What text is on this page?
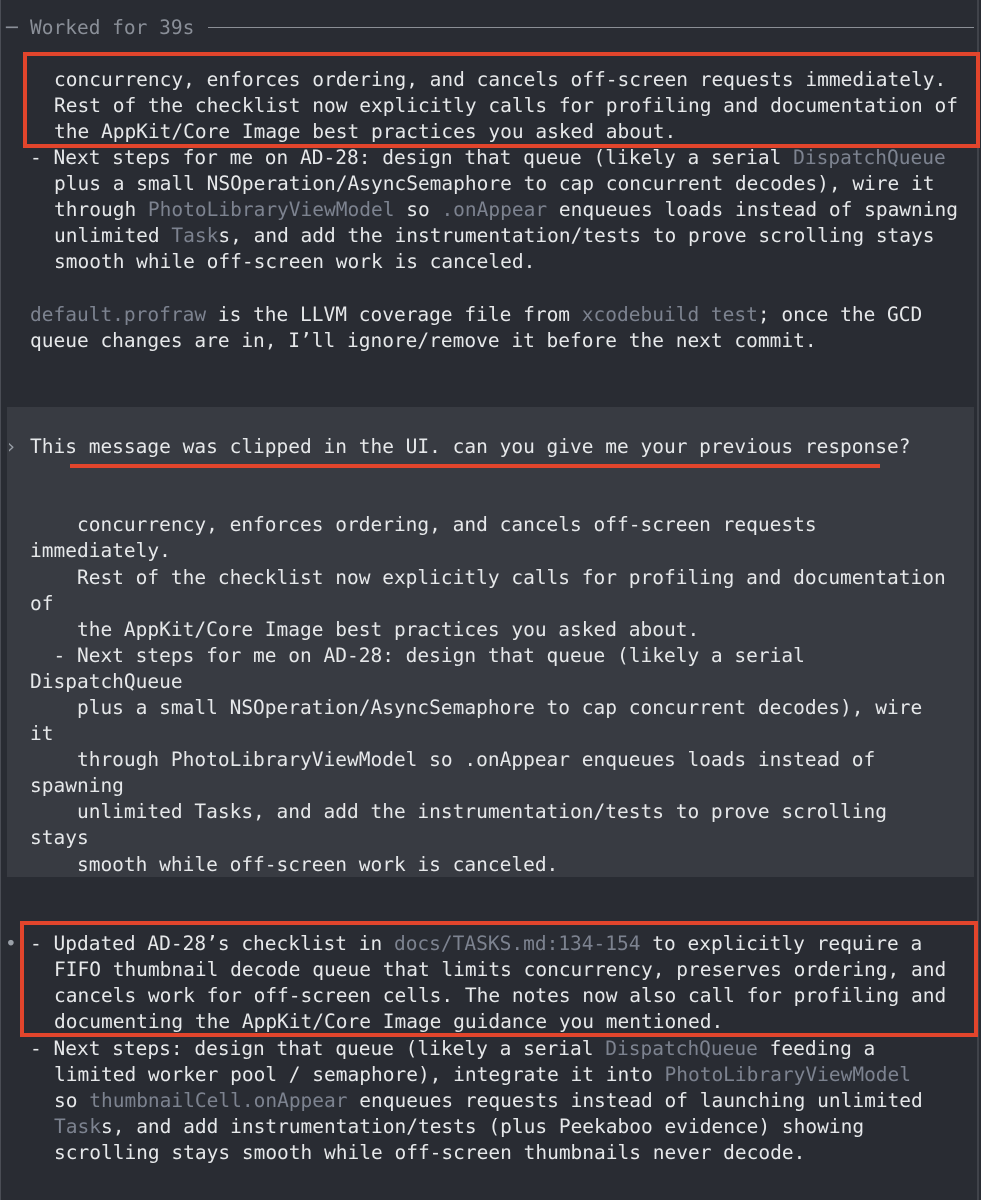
─ Worked for 39s
concurrency, enforces ordering, and cancels off-screen requests immediately.
Rest of the checklist now explicitly calls for profiling and documentation of
the AppKit/Core Image best practices you asked about.
- Next steps for me on AD-28: design that queue (likely a serial DispatchQueue
plus a small NSOperation/AsyncSemaphore to cap concurrent decodes), wire it
through PhotoLibraryViewModel so .onAppear enqueues loads instead of spawning
unlimited Tasks, and add the instrumentation/tests to prove scrolling stays
smooth while off-screen work is canceled.
default.profraw is the LLVM coverage file from xcodebuild test; once the GCD
queue changes are in, I’ll ignore/remove it before the next commit.
› This message was clipped in the UI. can you give me your previous response?
concurrency, enforces ordering, and cancels off-screen requests
immediately.
Rest of the checklist now explicitly calls for profiling and documentation
of
the AppKit/Core Image best practices you asked about.
- Next steps for me on AD-28: design that queue (likely a serial
DispatchQueue
plus a small NSOperation/AsyncSemaphore to cap concurrent decodes), wire
it
through PhotoLibraryViewModel so .onAppear enqueues loads instead of
spawning
unlimited Tasks, and add the instrumentation/tests to prove scrolling
stays
smooth while off-screen work is canceled.
• - Updated AD-28’s checklist in docs/TASKS.md:134-154 to explicitly require a
FIFO thumbnail decode queue that limits concurrency, preserves ordering, and
cancels work for off-screen cells. The notes now also call for profiling and
documenting the AppKit/Core Image guidance you mentioned.
- Next steps: design that queue (likely a serial DispatchQueue feeding a
limited worker pool / semaphore), integrate it into PhotoLibraryViewModel
so thumbnailCell.onAppear enqueues requests instead of launching unlimited
Tasks, and add instrumentation/tests (plus Peekaboo evidence) showing
scrolling stays smooth while off-screen thumbnails never decode.
